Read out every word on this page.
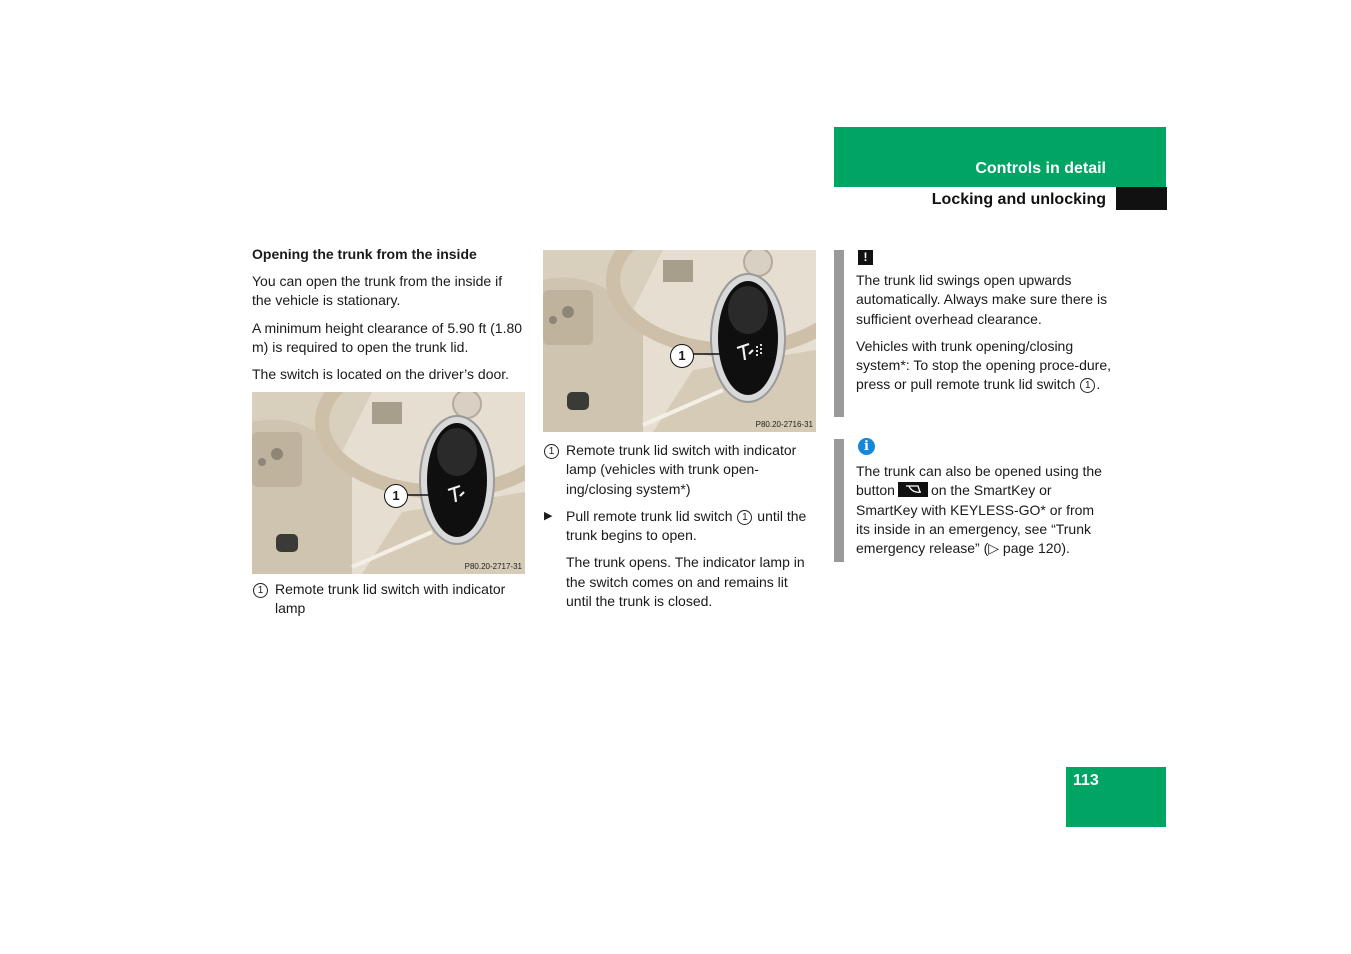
Controls in detail
Locking and unlocking

Opening the trunk from the inside

You can open the trunk from the inside if the vehicle is stationary.

A minimum height clearance of 5.90 ft (1.80 m) is required to open the trunk lid.

The switch is located on the driver’s door.

1
P80.20-2717-31
1 Remote trunk lid switch with indicator lamp
1
P80.20-2716-31
1 Remote trunk lid switch with indicator lamp (vehicles with trunk open-ing/closing system*)
▶ Pull remote trunk lid switch 1 until the trunk begins to open.

The trunk opens. The indicator lamp in the switch comes on and remains lit until the trunk is closed.

!

The trunk lid swings open upwards automatically. Always make sure there is sufficient overhead clearance.

Vehicles with trunk opening/closing system*: To stop the opening proce-dure, press or pull remote trunk lid switch 1 .

i

The trunk can also be opened using the button	on the SmartKey or SmartKey with KEYLESS-GO* or from its inside in an emergency, see “Trunk emergency release” (▷ page 120).

113
